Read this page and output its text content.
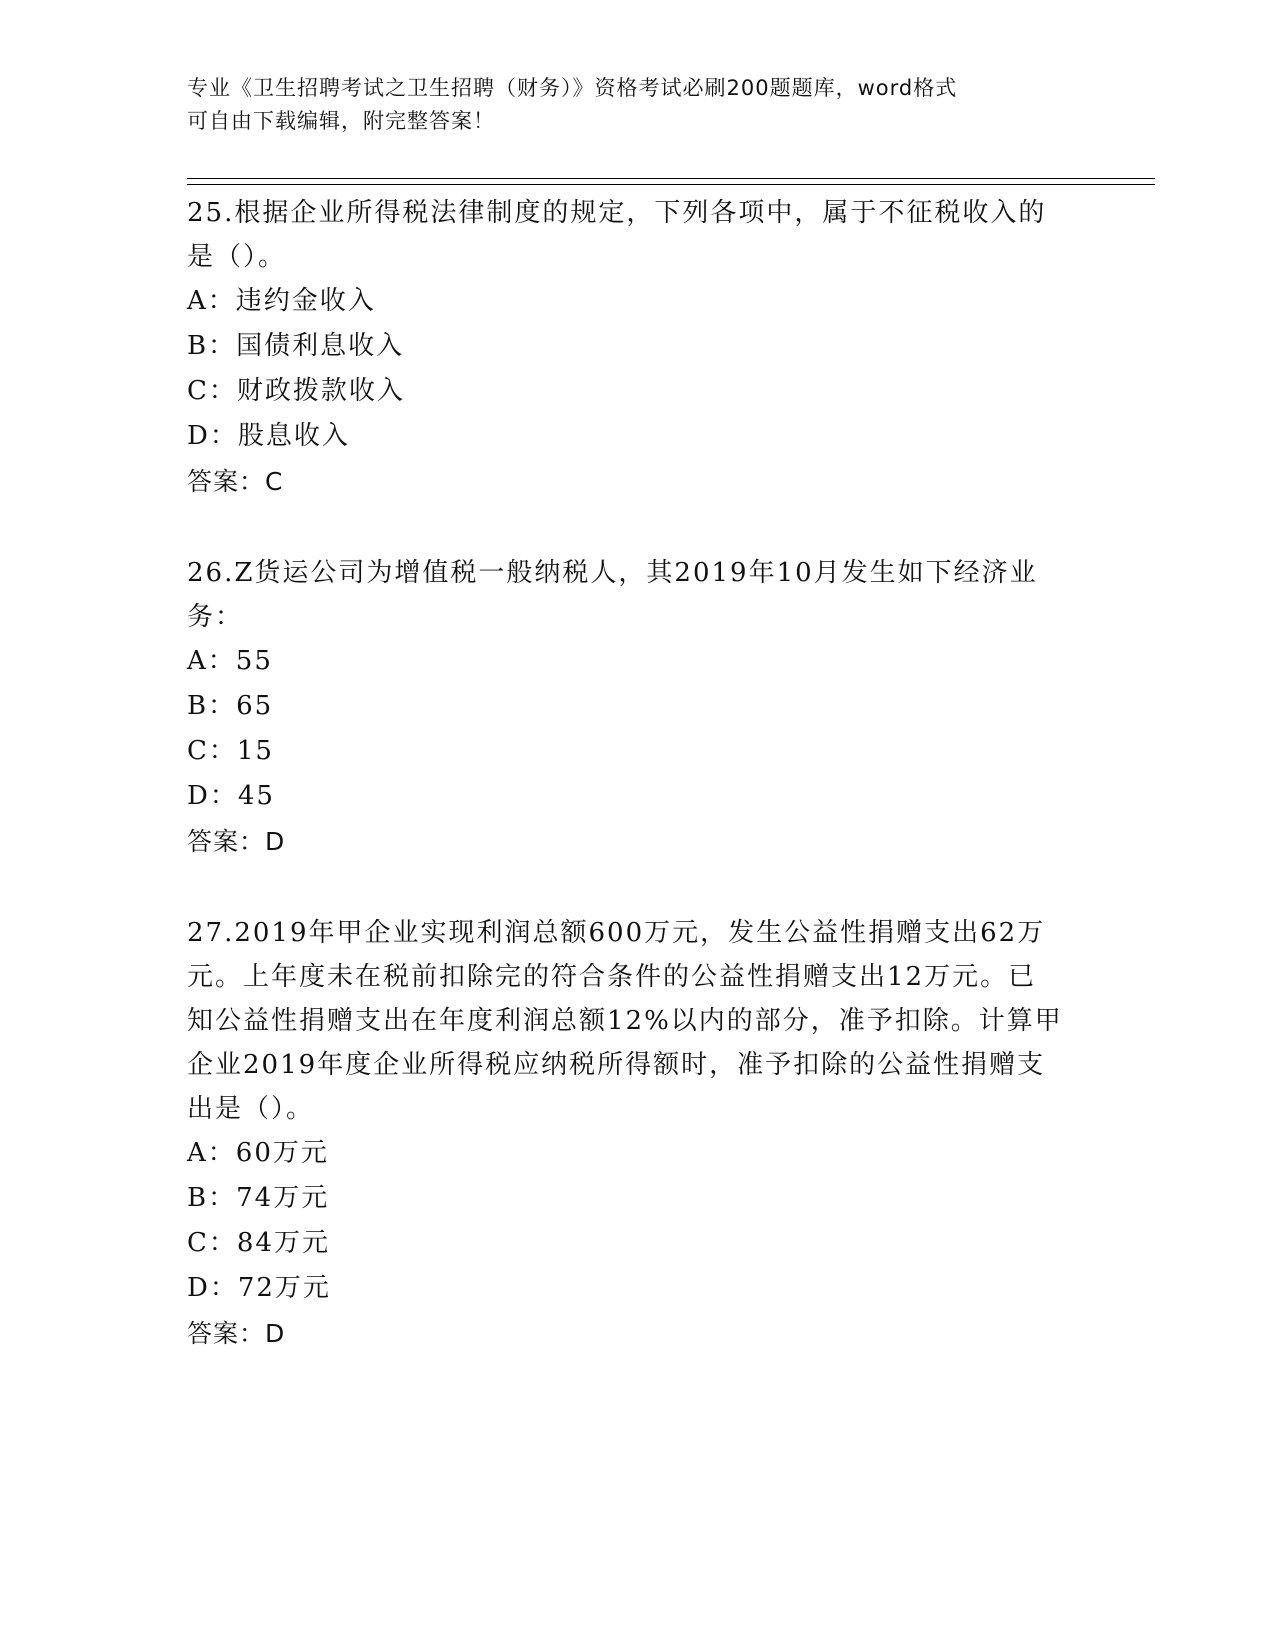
专业《卫生招聘考试之卫生招聘（财务）》资格考试必刷200题题库，word格式
可自由下载编辑，附完整答案！

25.根据企业所得税法律制度的规定，下列各项中，属于不征税收入的

是（）。

A：违约金收入

B：国债利息收入

C：财政拨款收入

D：股息收入

答案：C

26.Z货运公司为增值税一般纳税人，其2019年10月发生如下经济业

务：

A：55

B：65

C：15

D：45

答案：D

27.2019年甲企业实现利润总额600万元，发生公益性捐赠支出62万

元。上年度未在税前扣除完的符合条件的公益性捐赠支出12万元。已

知公益性捐赠支出在年度利润总额12%以内的部分，准予扣除。计算甲

企业2019年度企业所得税应纳税所得额时，准予扣除的公益性捐赠支

出是（）。

A：60万元

B：74万元

C：84万元

D：72万元

答案：D
